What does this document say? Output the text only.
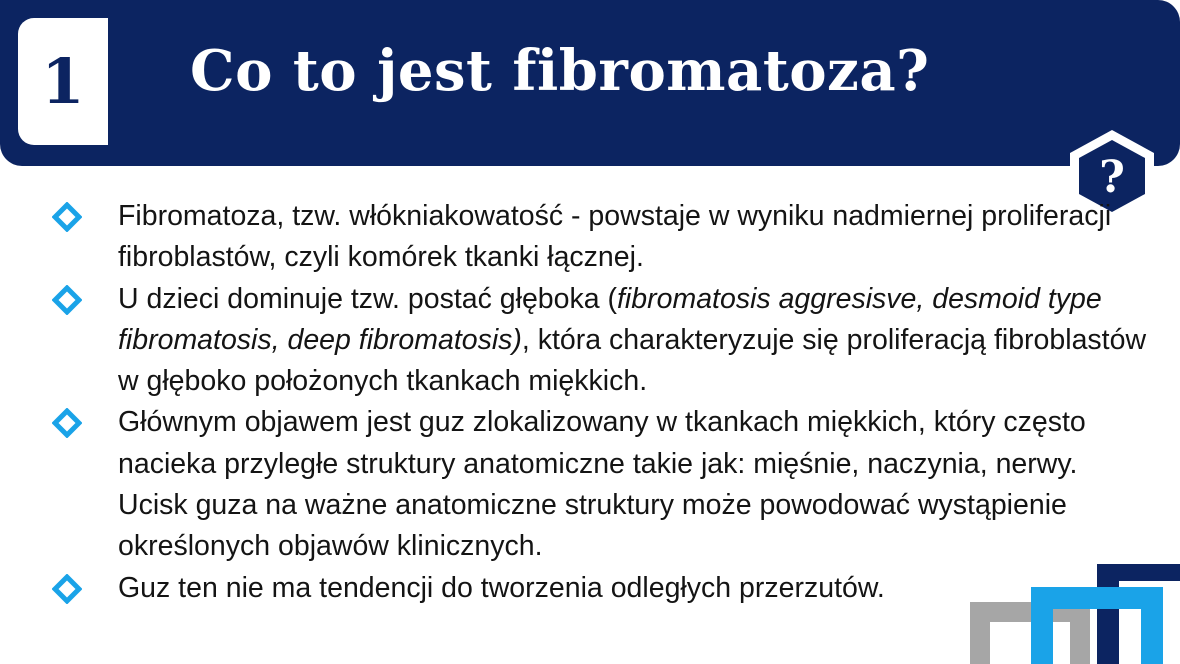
1 Co to jest fibromatoza?
?
Fibromatoza, tzw. włókniakowatość - powstaje w wyniku nadmiernej proliferacji fibroblastów, czyli komórek tkanki łącznej.
U dzieci dominuje tzw. postać głęboka (fibromatosis aggresisve, desmoid type fibromatosis, deep fibromatosis), która charakteryzuje się proliferacją fibroblastów w głęboko położonych tkankach miękkich.
Głównym objawem jest guz zlokalizowany w tkankach miękkich, który często nacieka przyległe struktury anatomiczne takie jak: mięśnie, naczynia, nerwy. Ucisk guza na ważne anatomiczne struktury może powodować wystąpienie określonych objawów klinicznych.
Guz ten nie ma tendencji do tworzenia odległych przerzutów.
